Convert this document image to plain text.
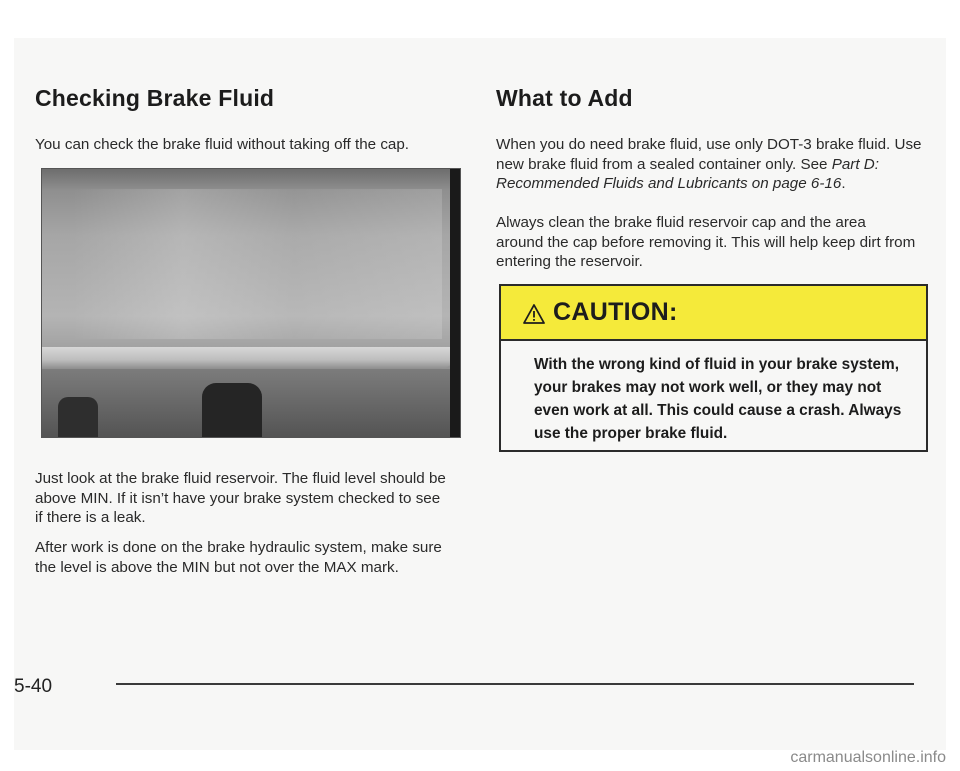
Checking Brake Fluid

You can check the brake fluid without taking off the cap.

Just look at the brake fluid reservoir. The fluid level should be above MIN. If it isn’t have your brake system checked to see if there is a leak.

After work is done on the brake hydraulic system, make sure the level is above the MIN but not over the MAX mark.

What to Add

When you do need brake fluid, use only DOT-3 brake fluid. Use new brake fluid from a sealed container only. See Part D: Recommended Fluids and Lubricants on page 6-16.

Always clean the brake fluid reservoir cap and the area around the cap before removing it. This will help keep dirt from entering the reservoir.

CAUTION:
With the wrong kind of fluid in your brake system, your brakes may not work well, or they may not even work at all. This could cause a crash. Always use the proper brake fluid.
5-40
carmanualsonline.info
